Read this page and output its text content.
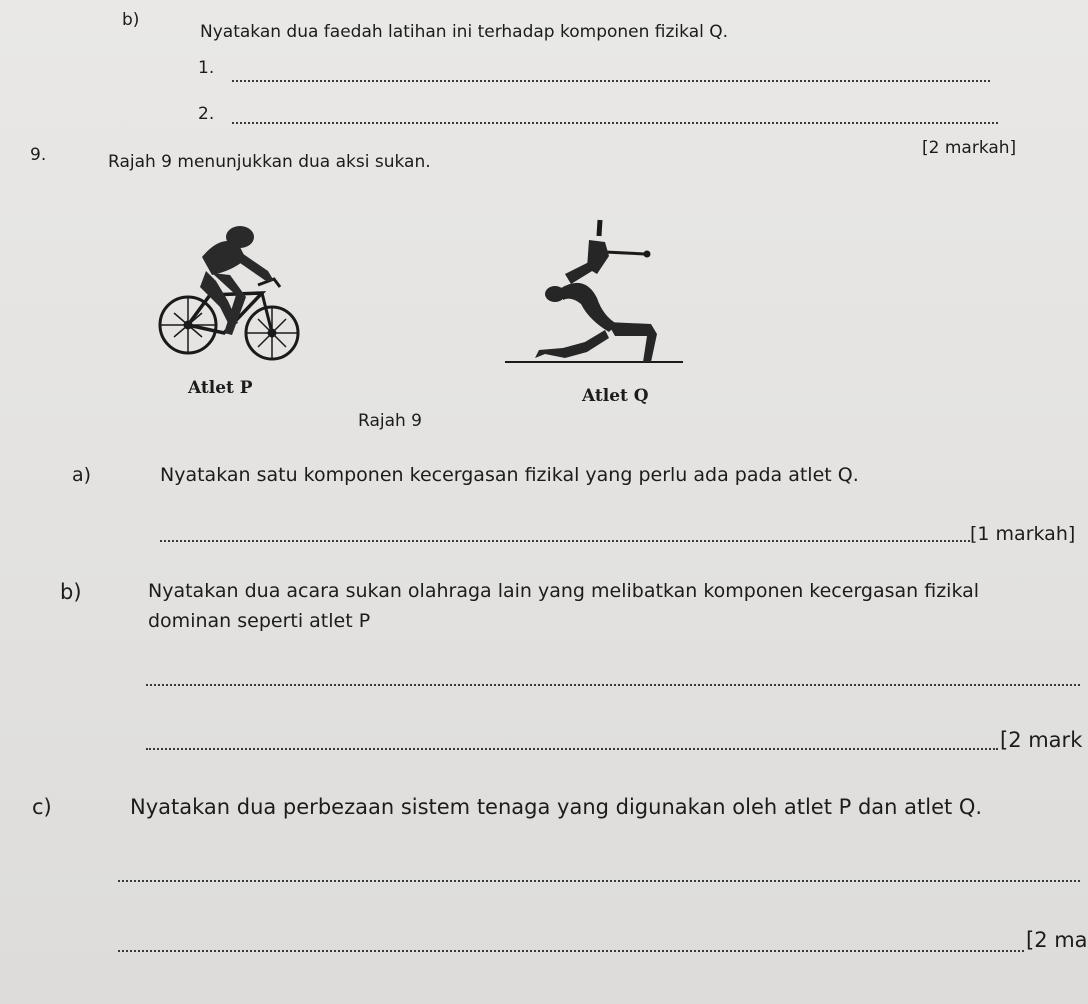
b)
Nyatakan dua faedah latihan ini terhadap komponen fizikal Q.
1.
2.
[2 markah]
9.	Rajah 9 menunjukkan dua aksi sukan.
Atlet P	Atlet Q
Rajah 9
a)	Nyatakan satu komponen kecergasan fizikal yang perlu ada pada atlet Q.
[1 markah]
b)	Nyatakan dua acara sukan olahraga lain yang melibatkan komponen kecergasan fizikal
dominan seperti atlet P
[2 mark
c)	Nyatakan dua perbezaan sistem tenaga yang digunakan oleh atlet P dan atlet Q.
[2 ma
